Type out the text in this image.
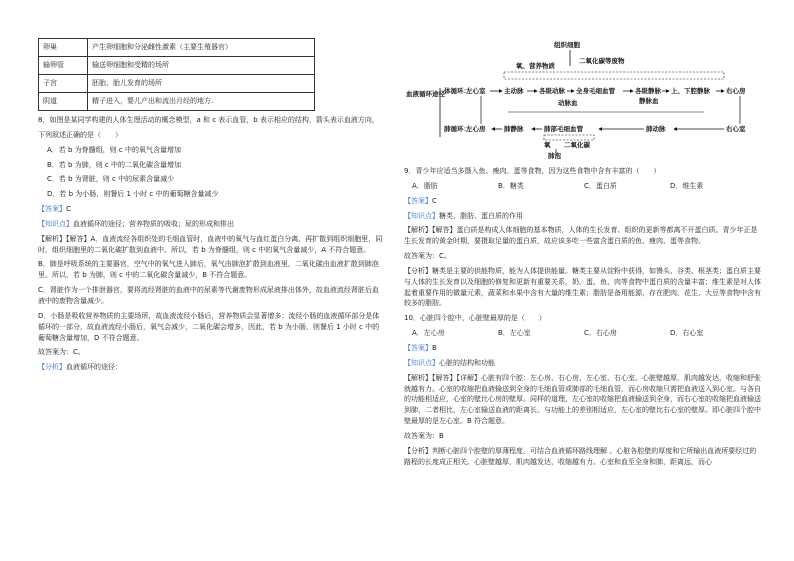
卵巢	产生卵细胞和分泌雌性激素（主要生殖器官）
输卵管	输送卵细胞和受精的场所
子宫	胚胎、胎儿发育的场所
阴道	精子进入，婴儿产出和流出月经的地方.

8．如图是某同学构建的人体生理活动的概念模型，a 和 c 表示血管，b 表示相应的结构，箭头表示血液方向，

下列叙述正确的是（　　）

A．若 b 为脊髓组，则 c 中的氧气含量增加

B．若 b 为肺，则 c 中的二氧化碳含量增加

C．若 b 为肾脏，则 c 中的尿素含量减少

D．若 b 为小肠，则餐后 1 小时 c 中的葡萄糖含量减少

【答案】C

【知识点】血液循环的途径；营养物质的吸收；尿的形成和排出

【解析】【解答】A．血液流经各组织处的毛细血管时，血液中的氧气与血红蛋白分离，再扩散到组织细胞里，同时，组织细胞里的二氧化碳扩散到血液中。所以，若 b 为脊髓组，则 c 中的氧气含量减少，A 不符合题意。

B．肺是呼吸系统的主要器官，空气中的氧气进入肺后，氧气由肺泡扩散到血液里，二氧化碳由血液扩散到肺泡里。所以，若 b 为肺，则 c 中的二氧化碳含量减少，B 不符合题意。

C．肾脏作为一个排泄器官，要将流经肾脏的血液中的尿素等代谢废物形成尿液排出体外，故血液流经肾脏后血液中的废物含量减少。

D．小肠是吸收营养物质的主要场所，故血液流经小肠后，营养物质会显著增多；流经小肠的血液循环部分是体循环的一部分，故血液流经小肠后，氧气会减少，二氧化碳会增多，因此，若 b 为小肠，则餐后 1 小时 c 中的葡萄糖含量增加，D 不符合题意。

故答案为：C。

【分析】血液循环的途径：

组织细胞
氧、营养物质
二氧化碳等废物
血液循环途径 体循环：
左心室	主动脉 各级动脉 全身毛细血管	各级静脉 上、下腔静脉 右心房
动脉血	静脉血
肺循环：
左心房	肺静脉	肺部毛细血管	肺动脉	右心室
氧 二氧化碳
肺泡

9．青少年应适当多摄入鱼、瘦肉、蛋等食物，因为这些食物中含有丰富的（　　）

A．脂肪	B．糖类	C．蛋白质	D．维生素

【答案】C

【知识点】糖类、脂肪、蛋白质的作用

【解析】【解答】蛋白质是构成人体细胞的基本物质，人体的生长发育、组织的更新等都离不开蛋白质。青少年正是生长发育的黄金时期，要摄取足量的蛋白质，故应该多吃一些富含蛋白质的鱼、瘦肉、蛋等食物。

故答案为：C。

【分析】糖类是主要的供能物质，能为人体提供能量。糖类主要从淀粉中获得，如馒头、谷类、根茎类；蛋白质主要与人体的生长发育以及细胞的修复和更新有重要关系，奶、蛋、鱼、肉等食物中蛋白质的含量丰富；维生素是对人体起着重要作用的微量元素，蔬菜和水果中含有大量的维生素；脂肪是备用能源，存在肥肉、花生、大豆等食物中含有较多的脂肪。

10．心脏四个腔中，心脏壁最厚的是（　　）

A．左心房	B．左心室	C．右心房	D．右心室

【答案】B

【知识点】心脏的结构和功能

【解析】【解答】【详解】心脏有四个腔：左心房、右心房、左心室、右心室。心脏壁越厚，肌肉越发达，收缩和舒张就越有力。心室的收缩把血液输送到全身的毛细血管或肺部的毛细血管，而心房收缩只需把血液送入到心室。与各自的功能相适应，心室的壁比心房的壁厚。同样的道理，左心室的收缩把血液输送到全身，而右心室的收缩把血液输送到肺，二者相比，左心室输送血液的距离长。与功能上的差别相适应，左心室的壁比右心室的壁厚。即心脏四个腔中壁最厚的是左心室。B 符合题意。

故答案为：B

【分析】判断心脏四个腔壁的厚薄程度，可结合血液循环路线理解 。心脏各腔壁的厚度和它所输出血液所要经过的路程的长度成正相关。心脏壁越厚，肌肉越发达，收缩越有力。心室和血至全身和肺，距离远，而心
